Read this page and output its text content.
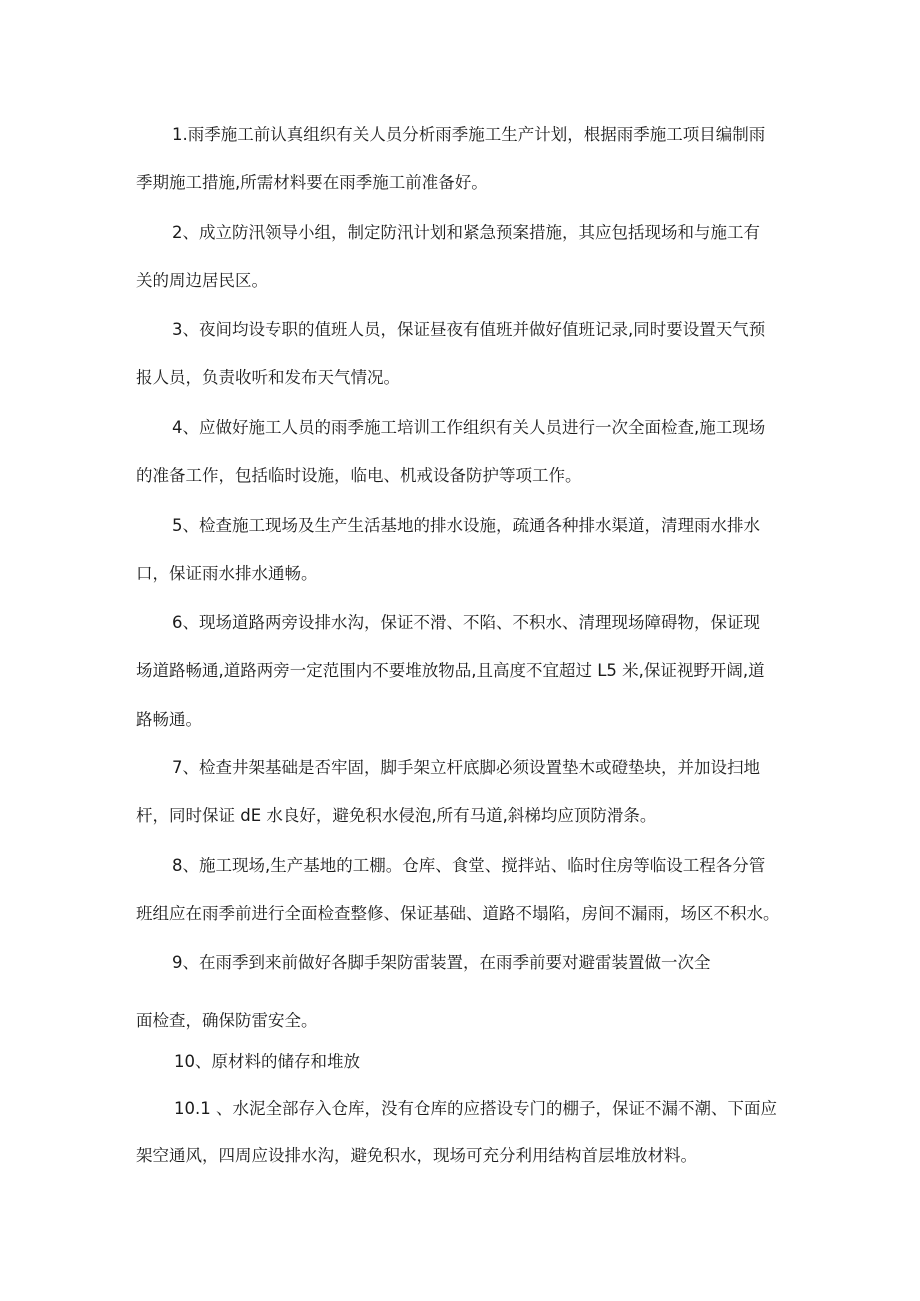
1.雨季施工前认真组织有关人员分析雨季施工生产计划，根据雨季施工项目编制雨
季期施工措施,所需材料要在雨季施工前准备好。
2、成立防汛领导小组，制定防汛计划和紧急预案措施，其应包括现场和与施工有
关的周边居民区。
3、夜间均设专职的值班人员，保证昼夜有值班并做好值班记录,同时要设置天气预
报人员，负责收听和发布天气情况。
4、应做好施工人员的雨季施工培训工作组织有关人员进行一次全面检查,施工现场
的准备工作，包括临时设施，临电、机戒设备防护等项工作。
5、检查施工现场及生产生活基地的排水设施，疏通各种排水渠道，清理雨水排水
口，保证雨水排水通畅。
6、现场道路两旁设排水沟，保证不滑、不陷、不积水、清理现场障碍物，保证现
场道路畅通,道路两旁一定范围内不要堆放物品,且高度不宜超过 L5 米,保证视野开阔,道
路畅通。
7、检查井架基础是否牢固，脚手架立杆底脚必须设置垫木或磴垫块，并加设扫地
杆，同时保证 dE 水良好，避免积水侵泡,所有马道,斜梯均应顶防滑条。
8、施工现场,生产基地的工棚。仓库、食堂、搅拌站、临时住房等临设工程各分管
班组应在雨季前进行全面检查整修、保证基础、道路不塌陷，房间不漏雨，场区不积水。
9、在雨季到来前做好各脚手架防雷装置，在雨季前要对避雷装置做一次全
面检查，确保防雷安全。
10、原材料的储存和堆放
10.1 、水泥全部存入仓库，没有仓库的应搭设专门的棚子，保证不漏不潮、下面应
架空通风，四周应设排水沟，避免积水，现场可充分利用结构首层堆放材料。
